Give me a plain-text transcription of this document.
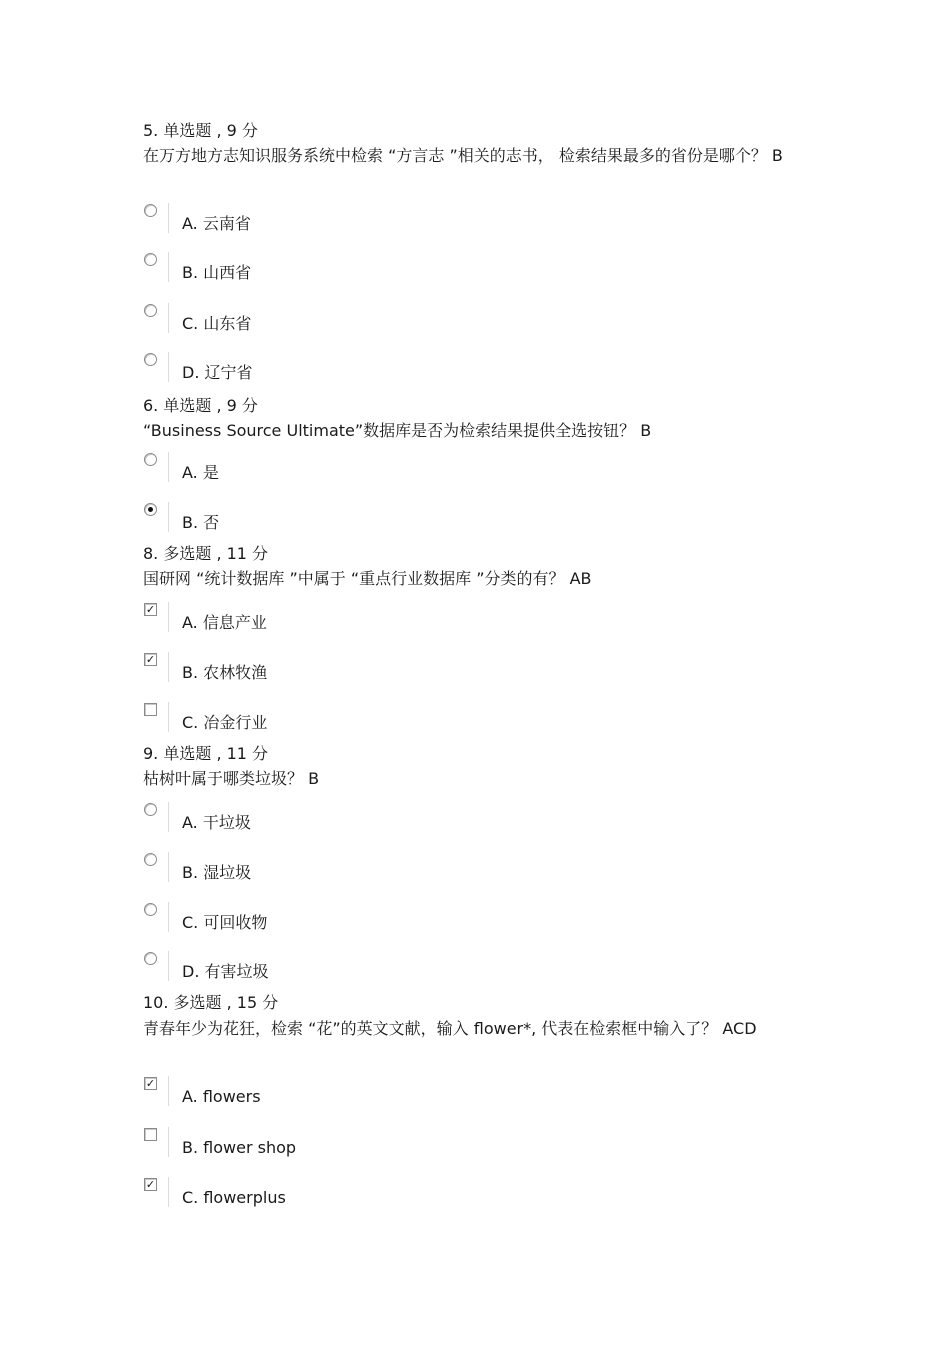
5. 单选题 , 9 分
在万方地方志知识服务系统中检索 “方言志 ”相关的志书， 检索结果最多的省份是哪个？ B
A. 云南省
B. 山西省
C. 山东省
D. 辽宁省
6. 单选题 , 9 分
“Business Source Ultimate”数据库是否为检索结果提供全选按钮？ B
A. 是
B. 否
8. 多选题 , 11 分
国研网 “统计数据库 ”中属于 “重点行业数据库 ”分类的有？ AB
✓
A. 信息产业
✓
B. 农林牧渔
C. 冶金行业
9. 单选题 , 11 分
枯树叶属于哪类垃圾？ B
A. 干垃圾
B. 湿垃圾
C. 可回收物
D. 有害垃圾
10. 多选题 , 15 分
青春年少为花狂，检索 “花”的英文文献，输入 flower*, 代表在检索框中输入了？ ACD
✓
A. flowers
B. flower shop
✓
C. flowerplus
